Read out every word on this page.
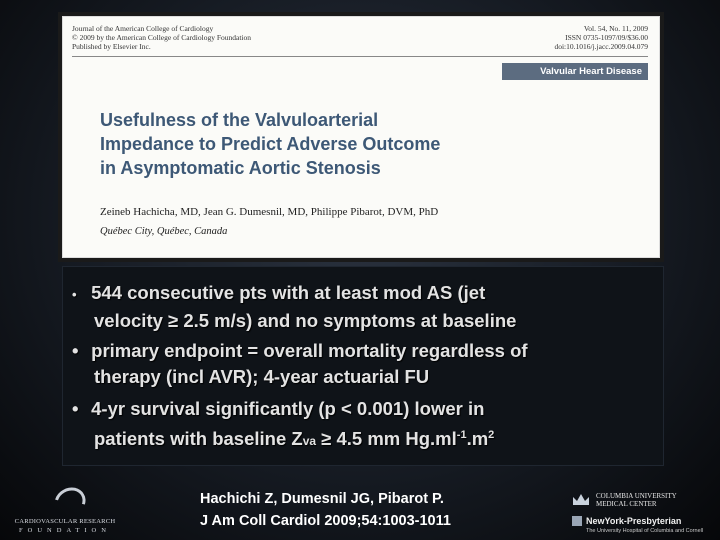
Journal of the American College of Cardiology
© 2009 by the American College of Cardiology Foundation
Published by Elsevier Inc.
Vol. 54, No. 11, 2009
ISSN 0735-1097/09/$36.00
doi:10.1016/j.jacc.2009.04.079
Valvular Heart Disease
Usefulness of the Valvuloarterial
Impedance to Predict Adverse Outcome
in Asymptomatic Aortic Stenosis
Zeineb Hachicha, MD, Jean G. Dumesnil, MD, Philippe Pibarot, DVM, PhD
Québec City, Québec, Canada
• 544 consecutive pts with at least mod AS (jet
velocity ≥ 2.5 m/s) and no symptoms at baseline
• primary endpoint = overall mortality regardless of
therapy (incl AVR); 4-year actuarial FU
• 4-yr survival significantly (p < 0.001) lower in
patients with baseline Zva ≥ 4.5 mm $Hg.ml^{-1}.m^2$
CARDIOVASCULAR RESEARCH
FOUNDATION
Hachichi Z, Dumesnil JG, Pibarot P.
J Am Coll Cardiol 2009;54:1003-1011
COLUMBIA UNIVERSITY
MEDICAL CENTER
NewYork-Presbyterian
The University Hospital of Columbia and Cornell
